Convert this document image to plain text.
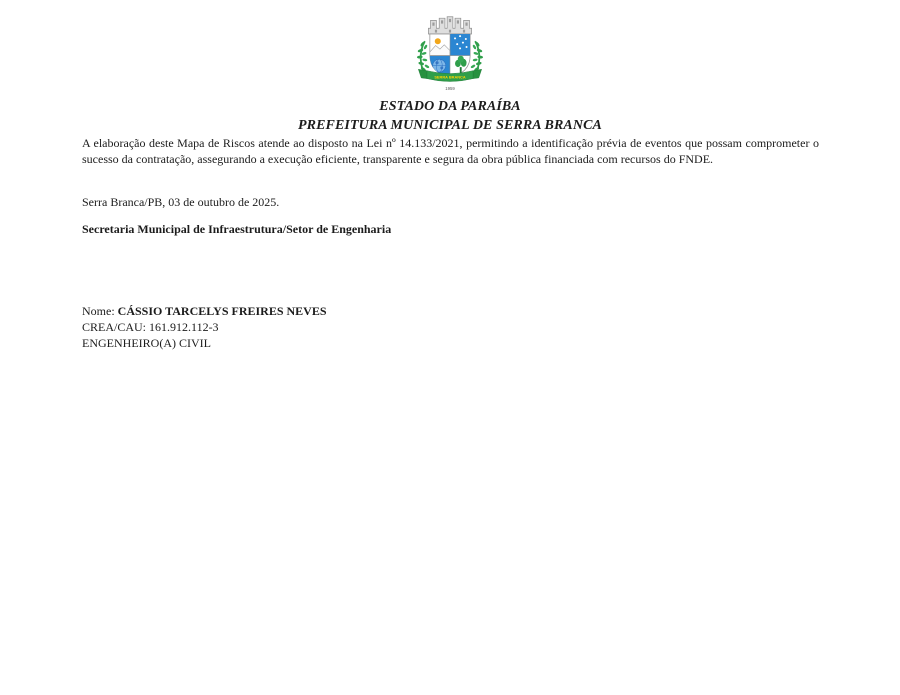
SERRA BRANCA
1959
ESTADO DA PARAÍBA
PREFEITURA MUNICIPAL DE SERRA BRANCA

A elaboração deste Mapa de Riscos atende ao disposto na Lei nº 14.133/2021, permitindo a identificação prévia de eventos que possam comprometer o sucesso da contratação, assegurando a execução eficiente, transparente e segura da obra pública financiada com recursos do FNDE.

Serra Branca/PB, 03 de outubro de 2025.
Secretaria Municipal de Infraestrutura/Setor de Engenharia
Nome: CÁSSIO TARCELYS FREIRES NEVES
CREA/CAU: 161.912.112-3
ENGENHEIRO(A) CIVIL
